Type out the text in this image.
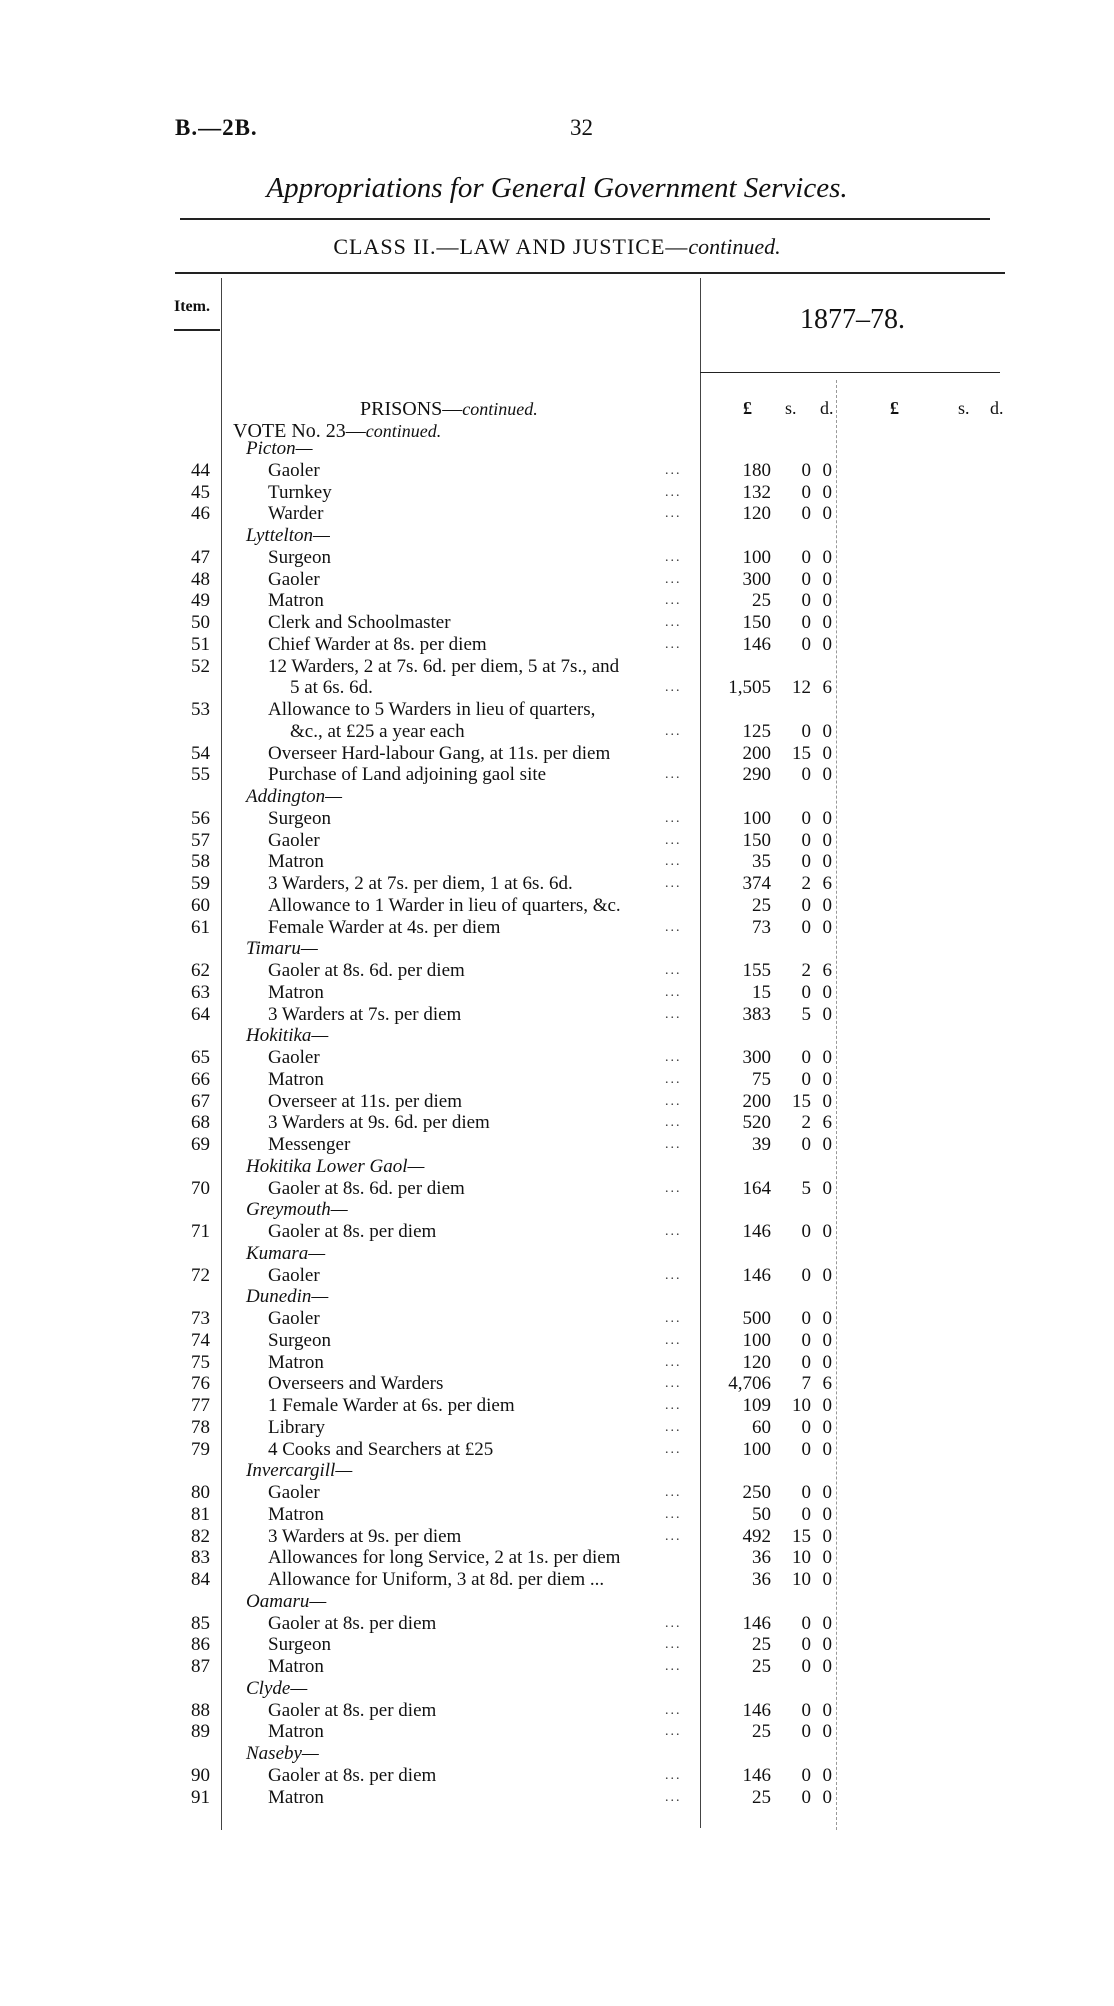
B.—2B.	32
Appropriations for General Government Services.
CLASS II.—LAW AND JUSTICE—continued.
Item.	1877–78.
£ s. d.	£	s. d.
PRISONS—continued.
VOTE No. 23—continued.
Picton—
44	Gaoler	...	180	0 0
45	Turnkey	...	132	0 0
46	Warder	...	120	0 0
Lyttelton—
47	Surgeon	...	100	0 0
48	Gaoler	...	300	0 0
49	Matron	...	25	0 0
50	Clerk and Schoolmaster	...	150	0 0
51	Chief Warder at 8s. per diem	...	146	0 0
52	12 Warders, 2 at 7s. 6d. per diem, 5 at 7s., and
5 at 6s. 6d.	...	1,505	12 6
53	Allowance to 5 Warders in lieu of quarters,
&c., at £25 a year each	...	125	0 0
54	Overseer Hard-labour Gang, at 11s. per diem	200	15 0
55	Purchase of Land adjoining gaol site	...	290	0 0
Addington—
56	Surgeon	...	100	0 0
57	Gaoler	...	150	0 0
58	Matron	...	35	0 0
59	3 Warders, 2 at 7s. per diem, 1 at 6s. 6d.	...	374	2 6
60	Allowance to 1 Warder in lieu of quarters, &c.	25	0 0
61	Female Warder at 4s. per diem	...	73	0 0
Timaru—
62	Gaoler at 8s. 6d. per diem	...	155	2 6
63	Matron	...	15	0 0
64	3 Warders at 7s. per diem	...	383	5 0
Hokitika—
65	Gaoler	...	300	0 0
66	Matron	...	75	0 0
67	Overseer at 11s. per diem	...	200	15 0
68	3 Warders at 9s. 6d. per diem	...	520	2 6
69	Messenger	...	39	0 0
Hokitika Lower Gaol—
70	Gaoler at 8s. 6d. per diem	...	164	5 0
Greymouth—
71	Gaoler at 8s. per diem	...	146	0 0
Kumara—
72	Gaoler	...	146	0 0
Dunedin—
73	Gaoler	...	500	0 0
74	Surgeon	...	100	0 0
75	Matron	...	120	0 0
76	Overseers and Warders	...	4,706	7 6
77	1 Female Warder at 6s. per diem	...	109	10 0
78	Library	...	60	0 0
79	4 Cooks and Searchers at £25	...	100	0 0
Invercargill—
80	Gaoler	...	250	0 0
81	Matron	...	50	0 0
82	3 Warders at 9s. per diem	...	492	15 0
83	Allowances for long Service, 2 at 1s. per diem	36	10 0
84	Allowance for Uniform, 3 at 8d. per diem ...	36	10 0
Oamaru—
85	Gaoler at 8s. per diem	...	146	0 0
86	Surgeon	...	25	0 0
87	Matron	...	25	0 0
Clyde—
88	Gaoler at 8s. per diem	...	146	0 0
89	Matron	...	25	0 0
Naseby—
90	Gaoler at 8s. per diem	...	146	0 0
91	Matron	...	25	0 0
